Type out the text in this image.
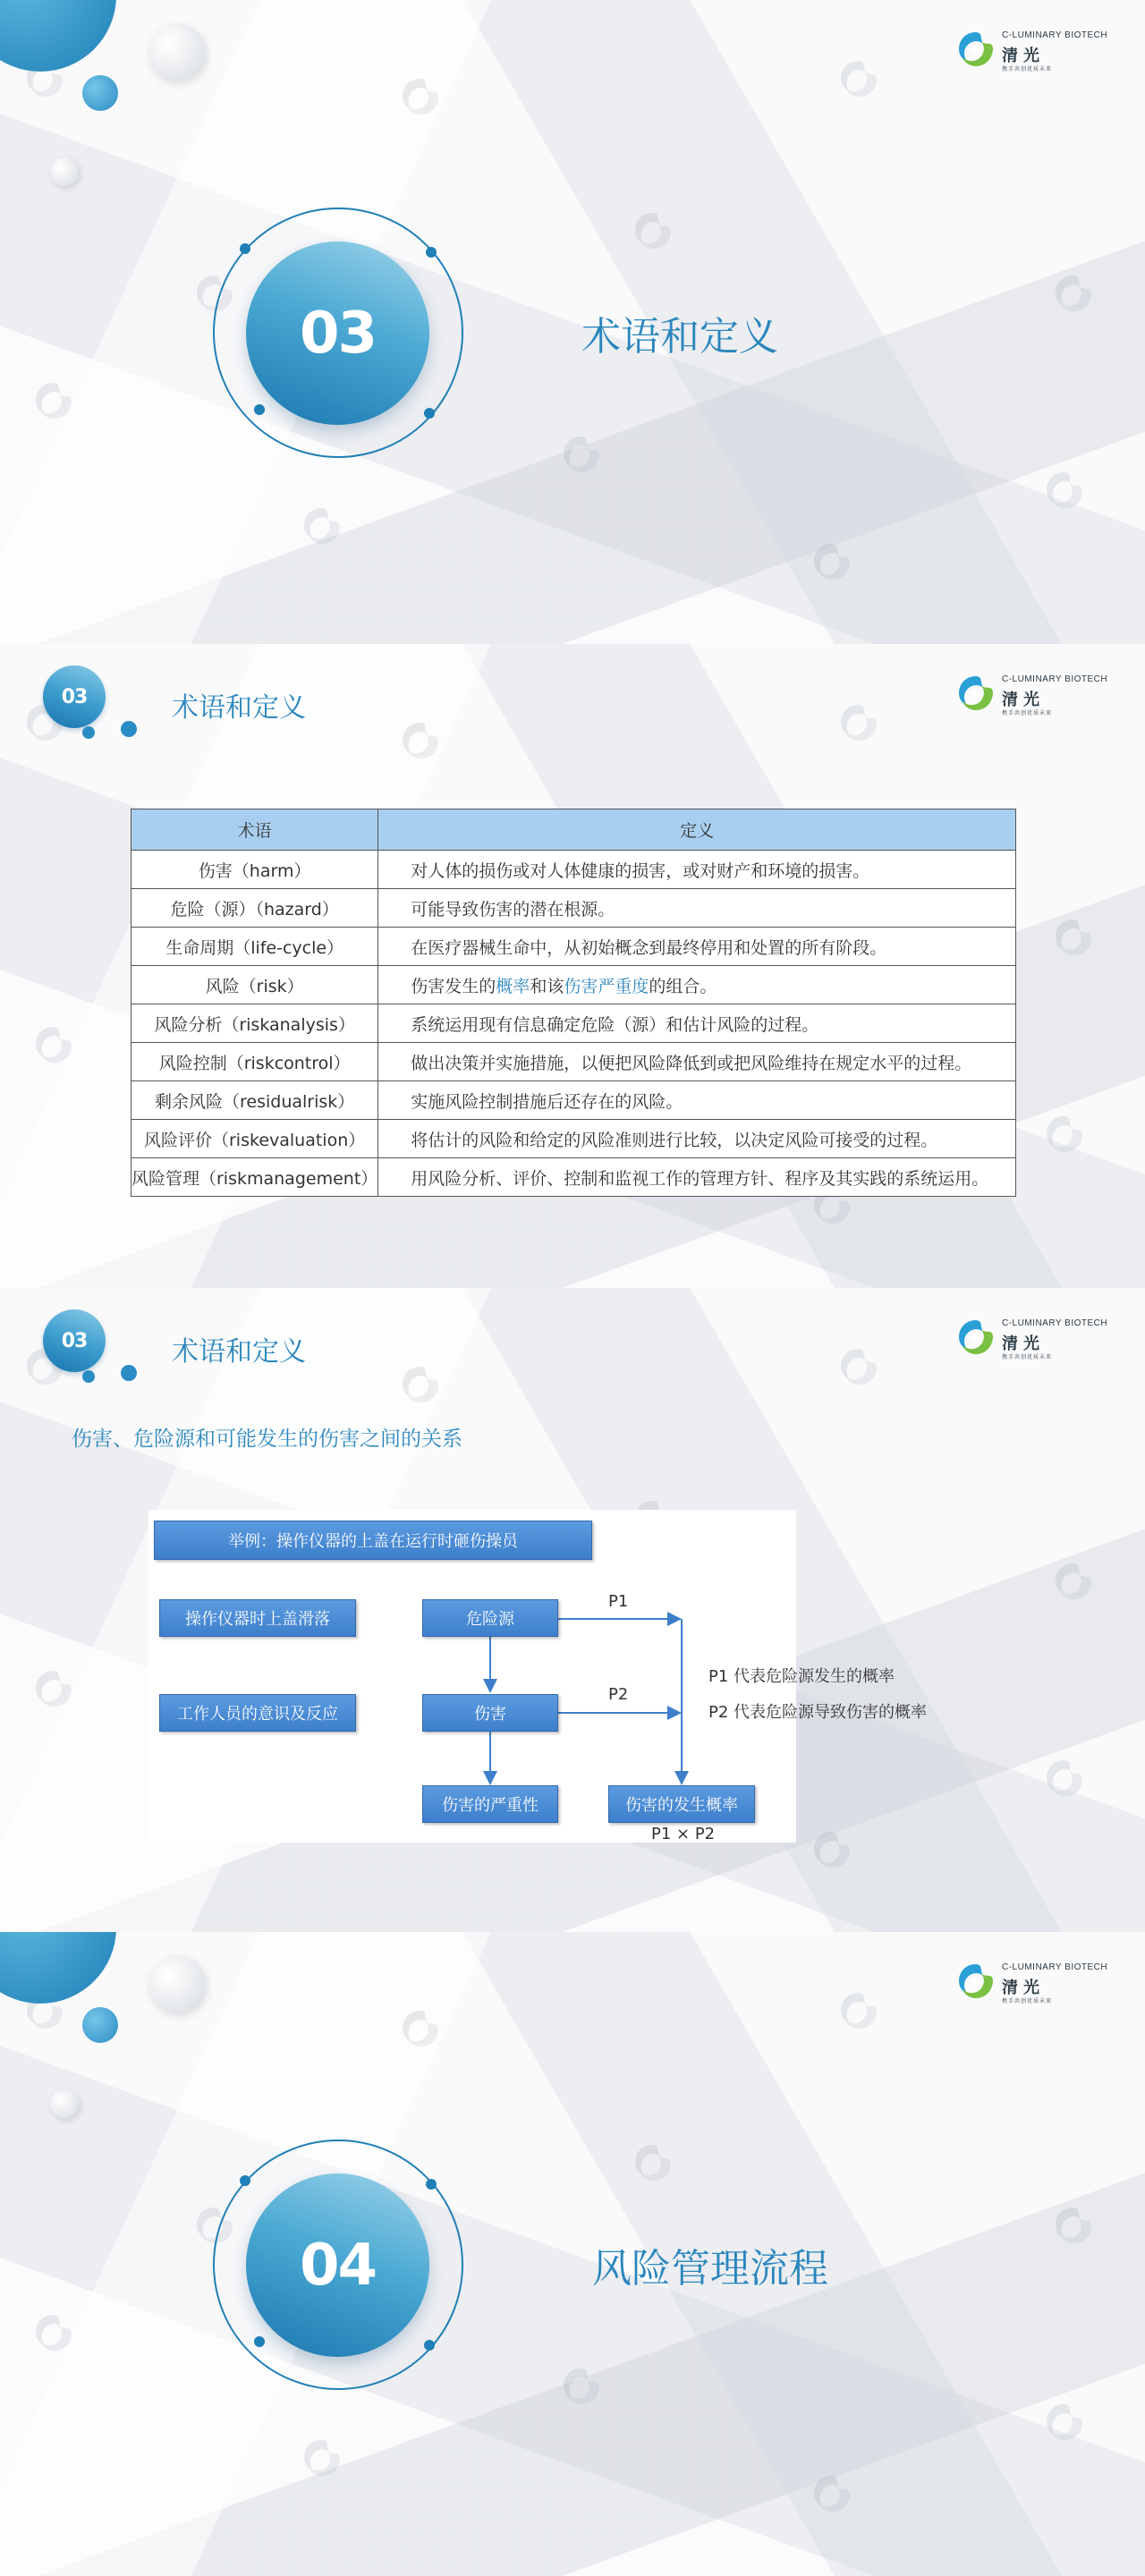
C-LUMINARY BIOTECH
清光
携手共创优质未来
03	术语和定义
03	术语和定义
C-LUMINARY BIOTECH
清光
携手共创优质未来
术语	定义
伤害（harm）	对人体的损伤或对人体健康的损害，或对财产和环境的损害。
危险（源）（hazard）	可能导致伤害的潜在根源。
生命周期（life-cycle）	在医疗器械生命中，从初始概念到最终停用和处置的所有阶段。
风险（risk）	伤害发生的概率和该伤害严重度的组合。
风险分析（riskanalysis）	系统运用现有信息确定危险（源）和估计风险的过程。
风险控制（riskcontrol）	做出决策并实施措施，以便把风险降低到或把风险维持在规定水平的过程。
剩余风险（residualrisk）	实施风险控制措施后还存在的风险。
风险评价（riskevaluation）	将估计的风险和给定的风险准则进行比较，以决定风险可接受的过程。
风险管理（riskmanagement）	用风险分析、评价、控制和监视工作的管理方针、程序及其实践的系统运用。
03	术语和定义
C-LUMINARY BIOTECH
清光
携手共创优质未来
伤害、危险源和可能发生的伤害之间的关系
举例：操作仪器的上盖在运行时砸伤操员
操作仪器时上盖滑落
工作人员的意识及反应
危险源
伤害
伤害的严重性	伤害的发生概率
P1
P2
P1 代表危险源发生的概率
P2 代表危险源导致伤害的概率
P1 × P2
C-LUMINARY BIOTECH
清光
携手共创优质未来
04	风险管理流程
